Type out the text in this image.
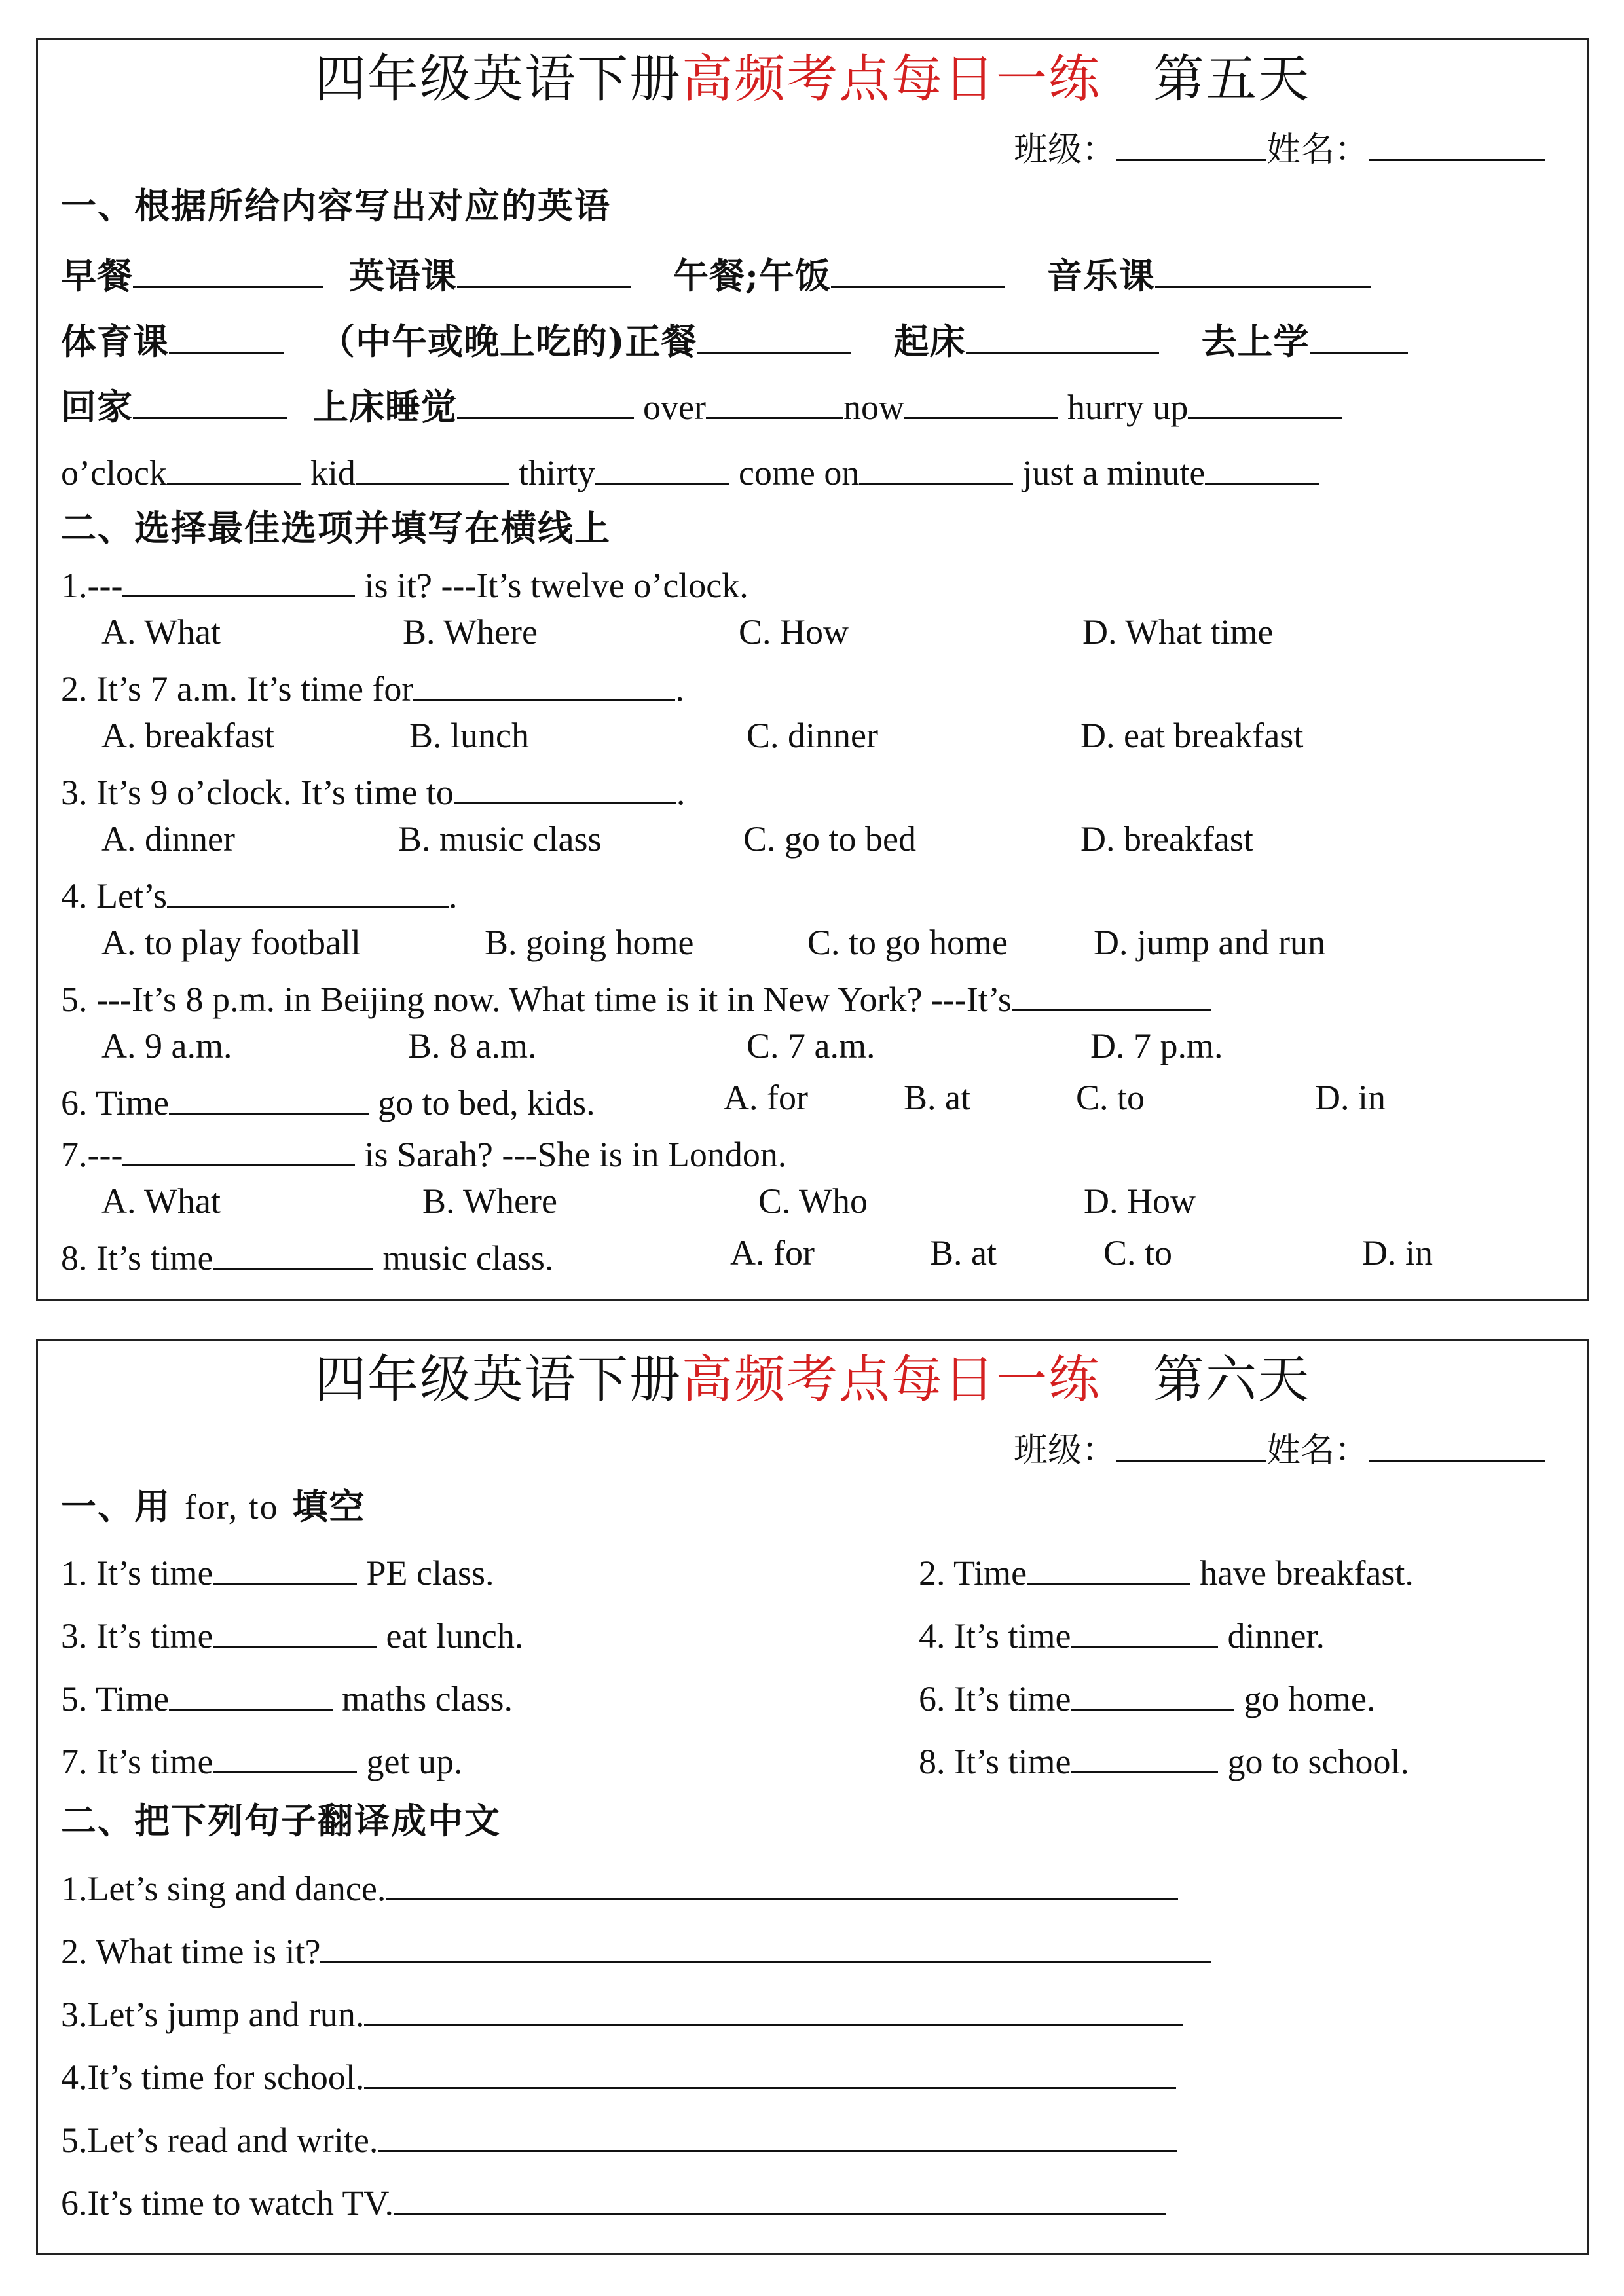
四年级英语下册高频考点每日一练 第五天
班级：	姓名：
一、根据所给内容写出对应的英语
早餐	英语课	午餐;午饭	音乐课
体育课	（中午或晚上吃的)正餐	起床	去上学
回家	上床睡觉	over	now	hurry up
o’clock	kid	thirty	come on	just a minute
二、选择最佳选项并填写在横线上
1.---	is it? ---It’s twelve o’clock.
A. What	B. Where	C. How	D. What time
2. It’s 7 a.m. It’s time for	.
A. breakfast	B. lunch	C. dinner	D. eat breakfast
3. It’s 9 o’clock. It’s time to	.
A. dinner	B. music class	C. go to bed	D. breakfast
4. Let’s	.
A. to play football	B. going home	C. to go home D. jump and run
5. ---It’s 8 p.m. in Beijing now. What time is it in New York? ---It’s
A. 9 a.m.	B. 8 a.m.	C. 7 a.m.	D. 7 p.m.
6. Time	go to bed, kids.	A. for	B. at	C. to	D. in
7.---	is Sarah? ---She is in London.
A. What	B. Where	C. Who	D. How
8. It’s time	music class.	A. for	B. at	C. to	D. in
四年级英语下册高频考点每日一练 第六天
班级：	姓名：
一、用 for, to 填空
1. It’s time	PE class.	2. Time	have breakfast.
3. It’s time	eat lunch.	4. It’s time	dinner.
5. Time	maths class.	6. It’s time	go home.
7. It’s time	get up.	8. It’s time	go to school.
二、把下列句子翻译成中文
1.Let’s sing and dance.
2. What time is it?
3.Let’s jump and run.
4.It’s time for school.
5.Let’s read and write.
6.It’s time to watch TV.
